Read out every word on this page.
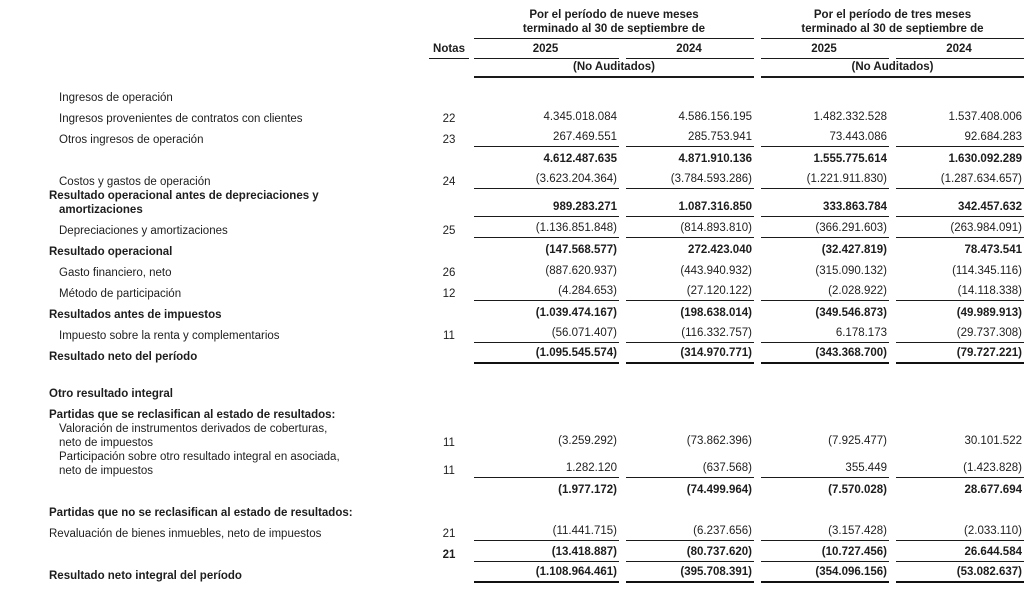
Por el período de nueve meses
terminado al 30 de septiembre de
Por el período de tres meses
terminado al 30 de septiembre de
Notas	2025	2024	2025	2024
(No Auditados)	(No Auditados)
Ingresos de operación
Ingresos provenientes de contratos con clientes	22	4.345.018.084	4.586.156.195	1.482.332.528	1.537.408.006
Otros ingresos de operación	23	267.469.551	285.753.941	73.443.086	92.684.283
4.612.487.635	4.871.910.136	1.555.775.614	1.630.092.289
Costos y gastos de operación	24	(3.623.204.364)	(3.784.593.286)	(1.221.911.830)	(1.287.634.657)
Resultado operacional antes de depreciaciones y
amortizaciones	989.283.271	1.087.316.850	333.863.784	342.457.632
Depreciaciones y amortizaciones	25	(1.136.851.848)	(814.893.810)	(366.291.603)	(263.984.091)
Resultado operacional	(147.568.577)	272.423.040	(32.427.819)	78.473.541
Gasto financiero, neto	26	(887.620.937)	(443.940.932)	(315.090.132)	(114.345.116)
Método de participación	12	(4.284.653)	(27.120.122)	(2.028.922)	(14.118.338)
Resultados antes de impuestos	(1.039.474.167)	(198.638.014)	(349.546.873)	(49.989.913)
Impuesto sobre la renta y complementarios	11	(56.071.407)	(116.332.757)	6.178.173	(29.737.308)
Resultado neto del período	(1.095.545.574)	(314.970.771)	(343.368.700)	(79.727.221)
Otro resultado integral
Partidas que se reclasifican al estado de resultados:
Valoración de instrumentos derivados de coberturas,
neto de impuestos	11	(3.259.292)	(73.862.396)	(7.925.477)	30.101.522
Participación sobre otro resultado integral en asociada,
neto de impuestos	11	1.282.120	(637.568)	355.449	(1.423.828)
(1.977.172)	(74.499.964)	(7.570.028)	28.677.694
Partidas que no se reclasifican al estado de resultados:
Revaluación de bienes inmuebles, neto de impuestos	21	(11.441.715)	(6.237.656)	(3.157.428)	(2.033.110)
21	(13.418.887)	(80.737.620)	(10.727.456)	26.644.584
Resultado neto integral del período	(1.108.964.461)	(395.708.391)	(354.096.156)	(53.082.637)
